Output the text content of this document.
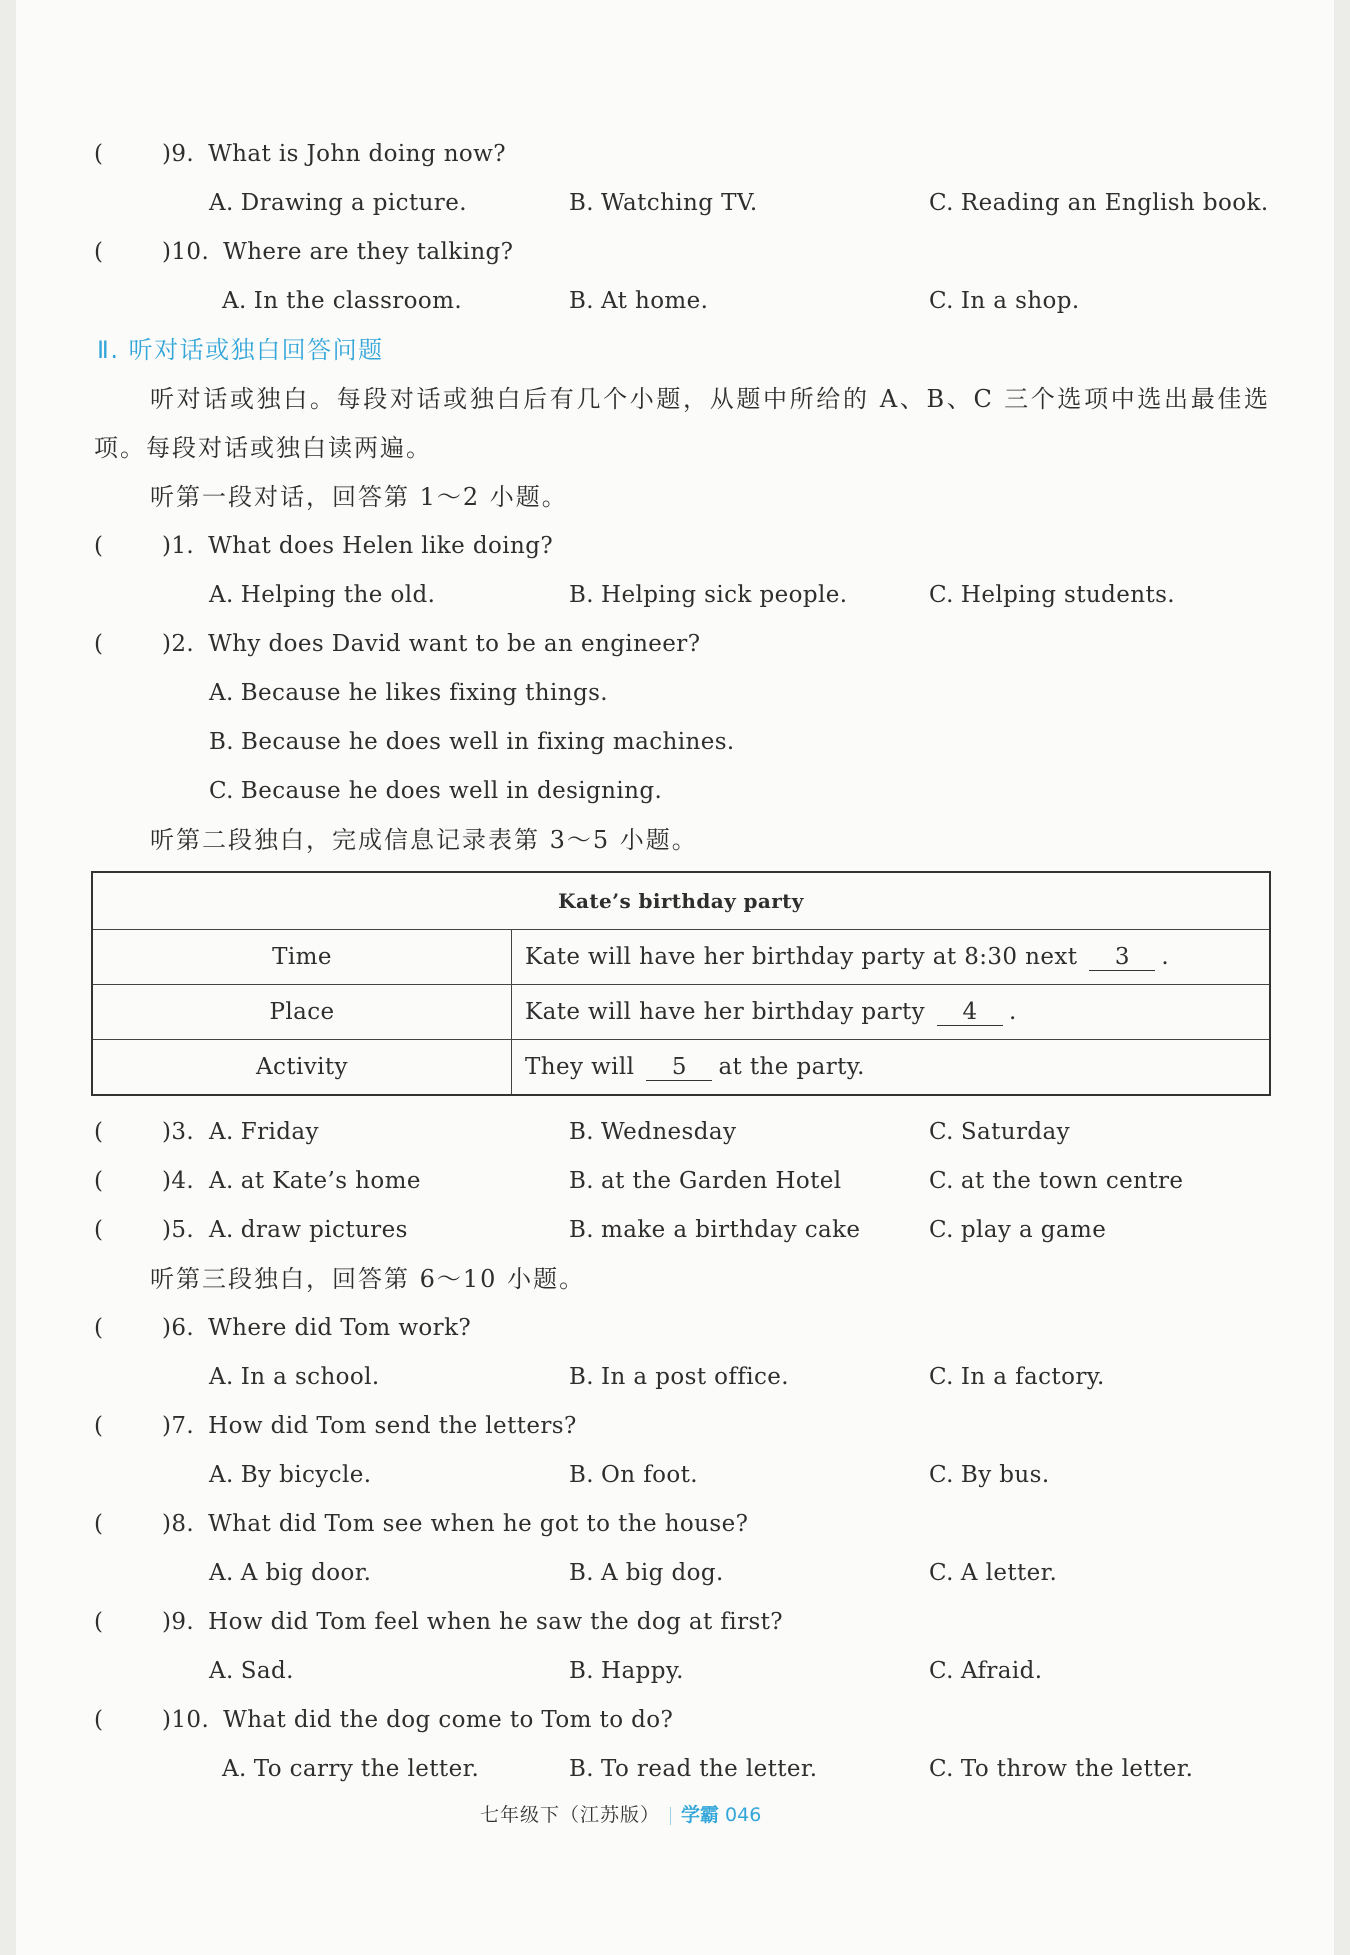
(	)9. What is John doing now?
A. Drawing a picture.	B. Watching TV.	C. Reading an English book.
(	)10. Where are they talking?
A. In the classroom.	B. At home.	C. In a shop.
Ⅱ. 听对话或独白回答问题
听对话或独白。每段对话或独白后有几个小题，从题中所给的 A、B、C 三个选项中选出最佳选项。每段对话或独白读两遍。
听第一段对话，回答第 1～2 小题。
(	)1. What does Helen like doing?
A. Helping the old.	B. Helping sick people.	C. Helping students.
(	)2. Why does David want to be an engineer?
A. Because he likes fixing things.
B. Because he does well in fixing machines.
C. Because he does well in designing.
听第二段独白，完成信息记录表第 3～5 小题。
Kate’s birthday party	
Time	Kate will have her birthday party at 8:30 next 3 .
Place	Kate will have her birthday party 4 .
Activity	They will 5 at the party.
(	)3. A. Friday	B. Wednesday	C. Saturday
(	)4. A. at Kate’s home	B. at the Garden Hotel	C. at the town centre
(	)5. A. draw pictures	B. make a birthday cake	C. play a game
听第三段独白，回答第 6～10 小题。
(	)6. Where did Tom work?
A. In a school.	B. In a post office.	C. In a factory.
(	)7. How did Tom send the letters?
A. By bicycle.	B. On foot.	C. By bus.
(	)8. What did Tom see when he got to the house?
A. A big door.	B. A big dog.	C. A letter.
(	)9. How did Tom feel when he saw the dog at first?
A. Sad.	B. Happy.	C. Afraid.
(	)10. What did the dog come to Tom to do?
A. To carry the letter.	B. To read the letter.	C. To throw the letter.
七年级下（江苏版） 学霸 046
